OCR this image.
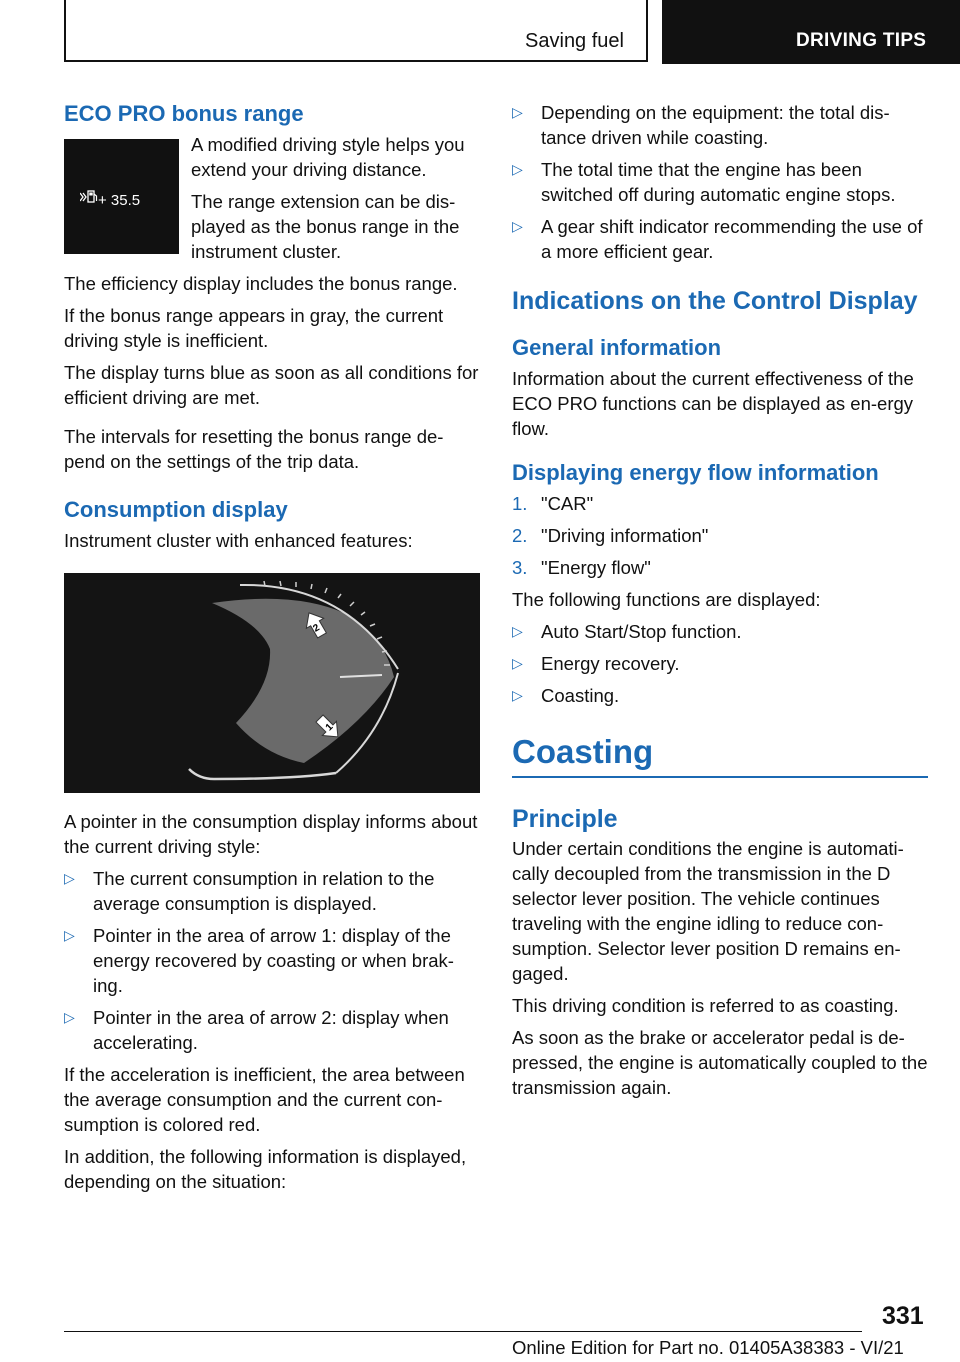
Saving fuel	DRIVING TIPS
ECO PRO bonus range
+ 35.5

A modified driving style helps you extend your driving distance.

The range extension can be dis-played as the bonus range in the instrument cluster.

The efficiency display includes the bonus range.

If the bonus range appears in gray, the current driving style is inefficient.

The display turns blue as soon as all conditions for efficient driving are met.

The intervals for resetting the bonus range de-pend on the settings of the trip data.

Consumption display

Instrument cluster with enhanced features:

2
1

A pointer in the consumption display informs about the current driving style:

▷ The current consumption in relation to the average consumption is displayed.
▷ Pointer in the area of arrow 1: display of the energy recovered by coasting or when brak-ing.
▷ Pointer in the area of arrow 2: display when accelerating.

If the acceleration is inefficient, the area between the average consumption and the current con-sumption is colored red.

In addition, the following information is displayed, depending on the situation:

▷ Depending on the equipment: the total dis-tance driven while coasting.
▷ The total time that the engine has been switched off during automatic engine stops.
▷ A gear shift indicator recommending the use of a more efficient gear.
Indications on the Control Display
General information

Information about the current effectiveness of the ECO PRO functions can be displayed as en-ergy flow.

Displaying energy flow information
1. "CAR"
2. "Driving information"
3. "Energy flow"

The following functions are displayed:

▷ Auto Start/Stop function.
▷ Energy recovery.
▷ Coasting.
Coasting
Principle

Under certain conditions the engine is automati-cally decoupled from the transmission in the D selector lever position. The vehicle continues traveling with the engine idling to reduce con-sumption. Selector lever position D remains en-gaged.

This driving condition is referred to as coasting.

As soon as the brake or accelerator pedal is de-pressed, the engine is automatically coupled to the transmission again.

331
Online Edition for Part no. 01405A38383 - VI/21
